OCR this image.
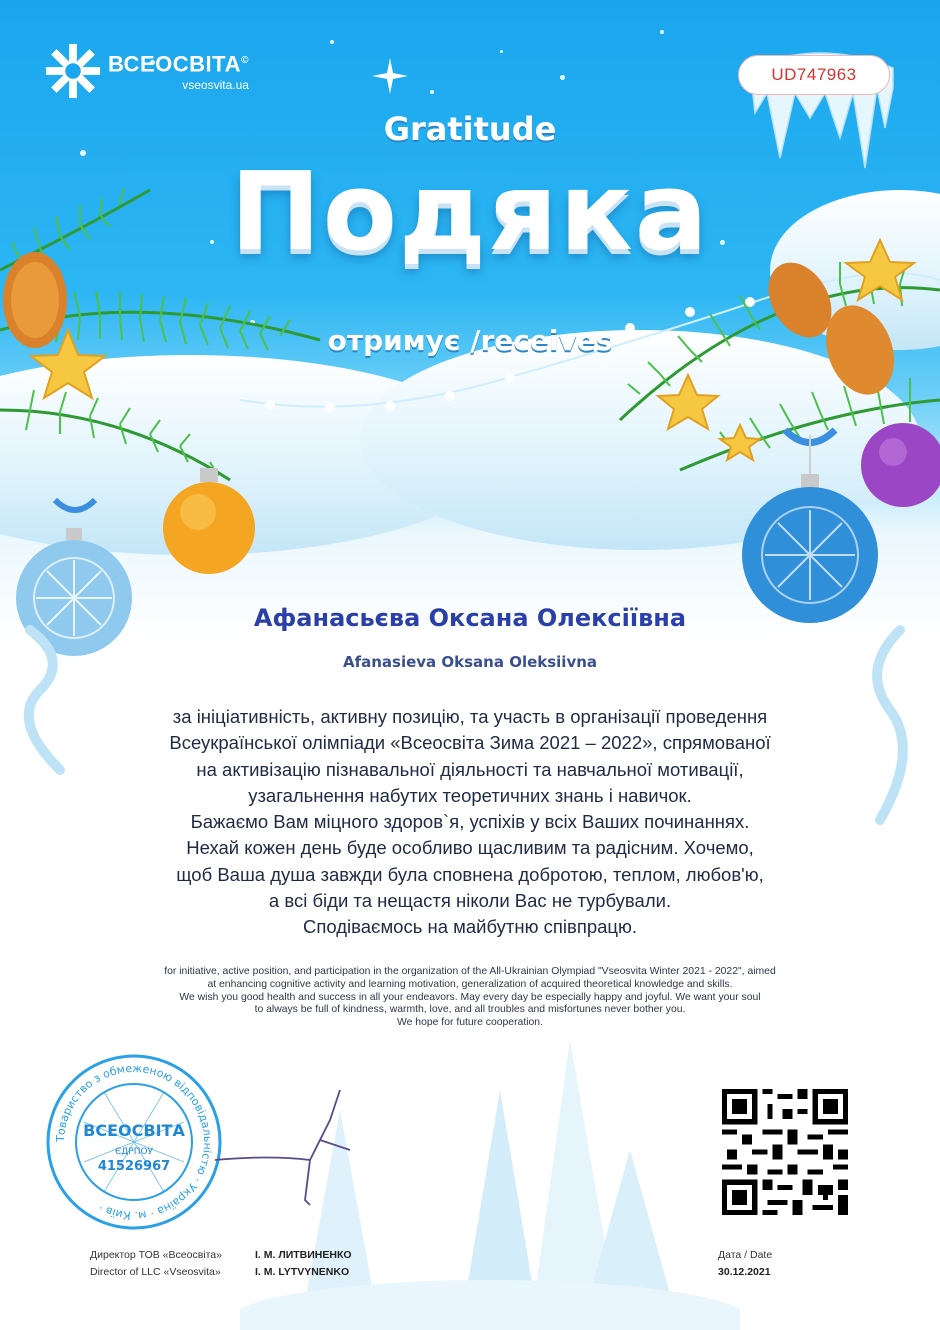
ВСЕОСВІТА©
vseosvita.ua
UD747963
Gratitude
Подяка
отримує /receives
Афанасьєва Оксана Олексіївна
Afanasieva Oksana Oleksiivna
за ініціативність, активну позицію, та участь в організації проведення
Всеукраїнської олімпіади «Всеосвіта Зима 2021 – 2022», спрямованої
на активізацію пізнавальної діяльності та навчальної мотивації,
узагальнення набутих теоретичних знань і навичок.
Бажаємо Вам міцного здоров`я, успіхів у всіх Ваших починаннях.
Нехай кожен день буде особливо щасливим та радісним. Хочемо,
щоб Ваша душа завжди була сповнена добротою, теплом, любов'ю,
а всі біди та нещастя ніколи Вас не турбували.
Сподіваємось на майбутню співпрацю.
for initiative, active position, and participation in the organization of the All-Ukrainian Olympiad "Vseosvita Winter 2021 - 2022", aimed
at enhancing cognitive activity and learning motivation, generalization of acquired theoretical knowledge and skills.
We wish you good health and success in all your endeavors. May every day be especially happy and joyful. We want your soul
to always be full of kindness, warmth, love, and all troubles and misfortunes never bother you.
We hope for future cooperation.
Товариство з обмеженою відповідальністю · Україна · м. Київ ·
ВСЕОСВІТА
ЄДРПОУ
41526967
Директор ТОВ «Всеосвіта»	І. М. ЛИТВИНЕНКО
Director of LLC «Vseosvita»	I. M. LYTVYNENKO
Дата / Date
30.12.2021
